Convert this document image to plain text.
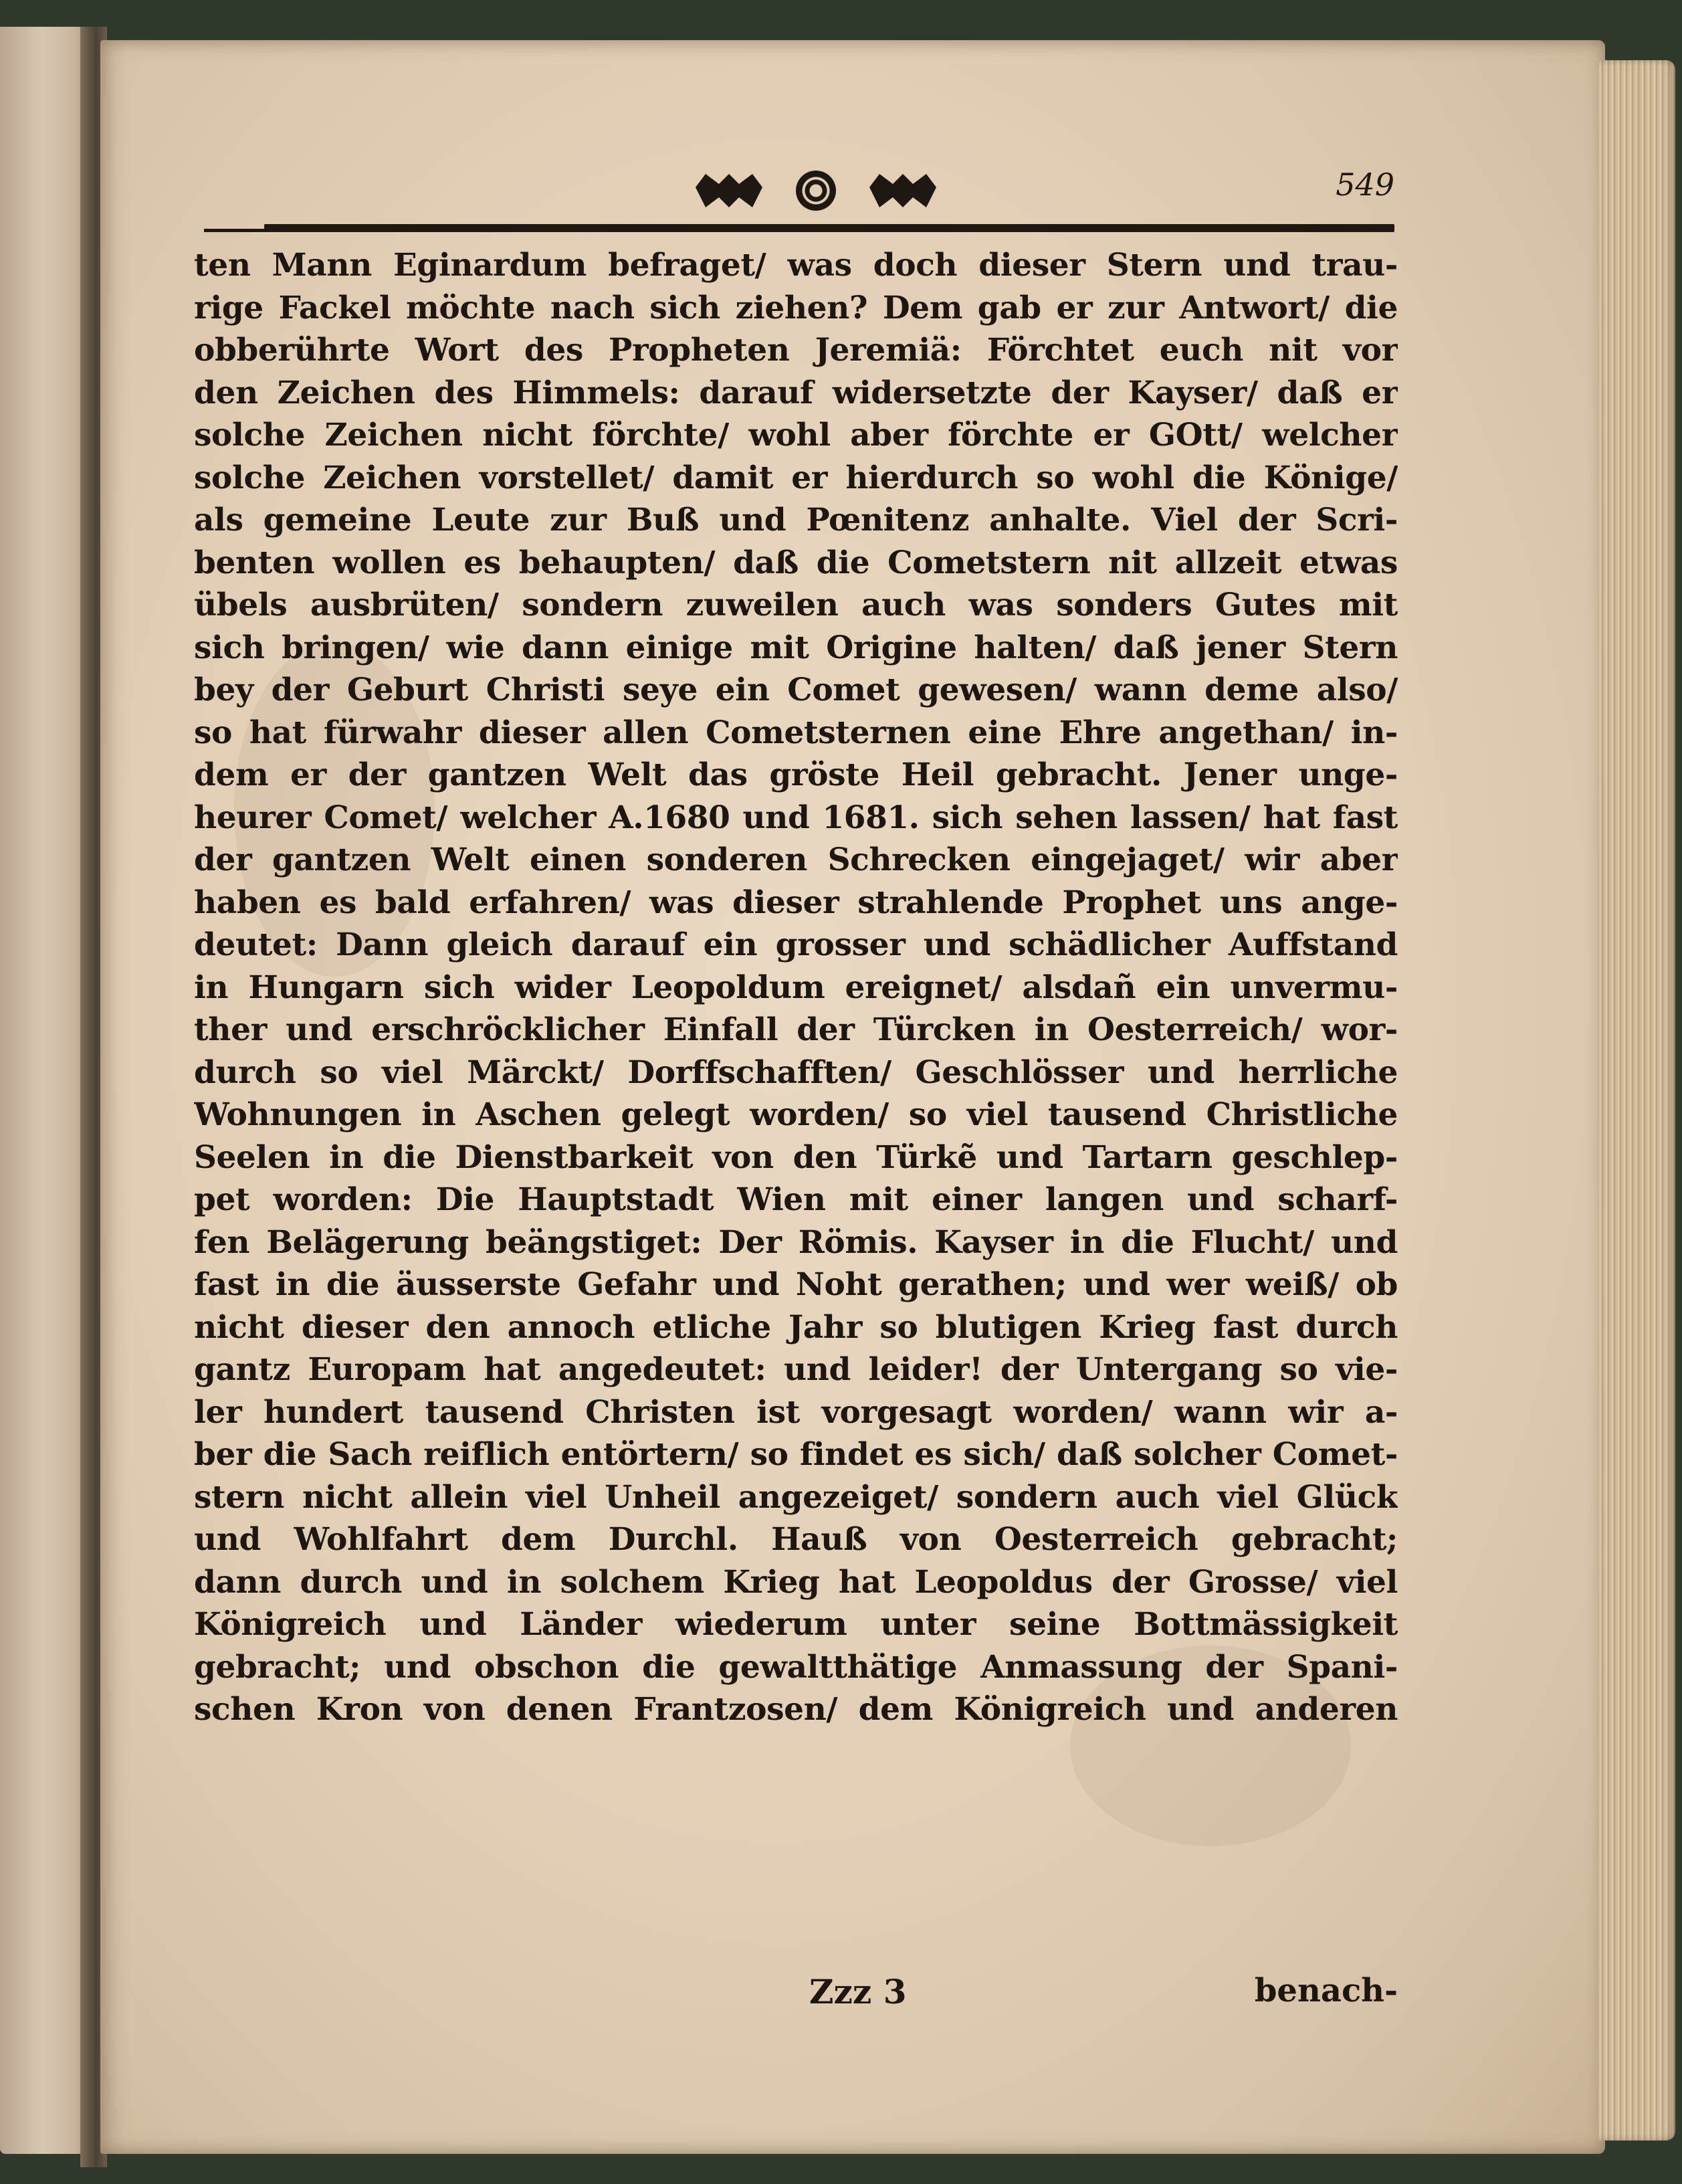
549
ten Mann Eginardum befraget/ was doch dieser Stern und trau-
rige Fackel möchte nach sich ziehen? Dem gab er zur Antwort/ die
obberührte Wort des Propheten Jeremiä: Förchtet euch nit vor
den Zeichen des Himmels: darauf widersetzte der Kayser/ daß er
solche Zeichen nicht förchte/ wohl aber förchte er GOtt/ welcher
solche Zeichen vorstellet/ damit er hierdurch so wohl die Könige/
als gemeine Leute zur Buß und Pœnitenz anhalte. Viel der Scri-
benten wollen es behaupten/ daß die Cometstern nit allzeit etwas
übels ausbrüten/ sondern zuweilen auch was sonders Gutes mit
sich bringen/ wie dann einige mit Origine halten/ daß jener Stern
bey der Geburt Christi seye ein Comet gewesen/ wann deme also/
so hat fürwahr dieser allen Cometsternen eine Ehre angethan/ in-
dem er der gantzen Welt das gröste Heil gebracht. Jener unge-
heurer Comet/ welcher A.1680 und 1681. sich sehen lassen/ hat fast
der gantzen Welt einen sonderen Schrecken eingejaget/ wir aber
haben es bald erfahren/ was dieser strahlende Prophet uns ange-
deutet: Dann gleich darauf ein grosser und schädlicher Auffstand
in Hungarn sich wider Leopoldum ereignet/ alsdañ ein unvermu-
ther und erschröcklicher Einfall der Türcken in Oesterreich/ wor-
durch so viel Märckt/ Dorffschafften/ Geschlösser und herrliche
Wohnungen in Aschen gelegt worden/ so viel tausend Christliche
Seelen in die Dienstbarkeit von den Türkẽ und Tartarn geschlep-
pet worden: Die Hauptstadt Wien mit einer langen und scharf-
fen Belägerung beängstiget: Der Römis. Kayser in die Flucht/ und
fast in die äusserste Gefahr und Noht gerathen; und wer weiß/ ob
nicht dieser den annoch etliche Jahr so blutigen Krieg fast durch
gantz Europam hat angedeutet: und leider! der Untergang so vie-
ler hundert tausend Christen ist vorgesagt worden/ wann wir a-
ber die Sach reiflich entörtern/ so findet es sich/ daß solcher Comet-
stern nicht allein viel Unheil angezeiget/ sondern auch viel Glück
und Wohlfahrt dem Durchl. Hauß von Oesterreich gebracht;
dann durch und in solchem Krieg hat Leopoldus der Grosse/ viel
Königreich und Länder wiederum unter seine Bottmässigkeit
gebracht; und obschon die gewaltthätige Anmassung der Spani-
schen Kron von denen Frantzosen/ dem Königreich und anderen
Zzz 3	benach-
